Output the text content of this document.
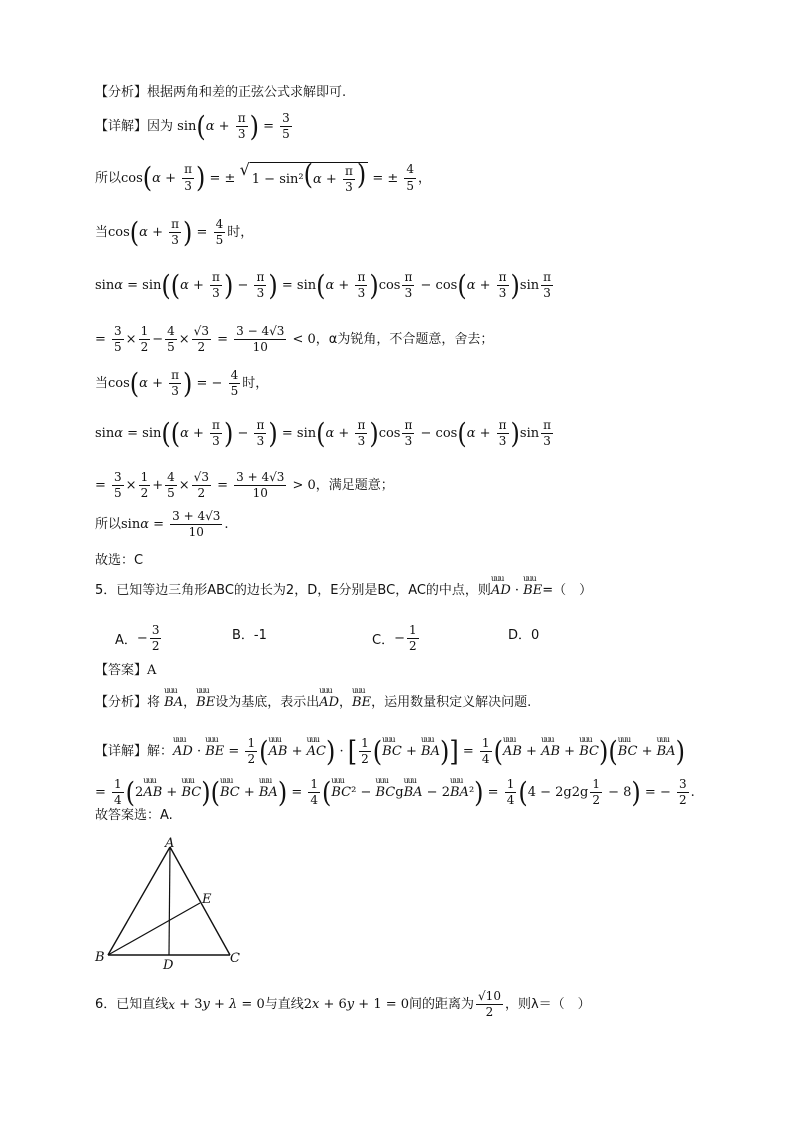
【分析】 根据两角和差的正弦公式求解即可.
【详解】 因为 sin ( $\alpha + \frac{\pi}{3}$ ) = $\frac{3}{5}$
所以 cos ( $\alpha + \frac{\pi}{3}$ ) = ± √
$1 - \sin^2(\alpha + \frac{\pi}{3}$ ) = ± $\frac{4}{5}$ ，
当 cos ( $\alpha + \frac{\pi}{3}$ ) = $\frac{4}{5}$ 时，
sinα = sin ( ( $\alpha + \frac{\pi}{3}$ ) − $\frac{\pi}{3}$ ) = sin ( $\alpha + \frac{\pi}{3}$ ) $\cos \frac{\pi}{3} - \cos$ ( $\alpha + \frac{\pi}{3}$ ) $\sin \frac{\pi}{3}$
= $\frac{3}{5} \times \frac{1}{2} - \frac{4}{5} \times \frac{√3}{2} = \frac{3 - 4√3}{10} < 0$ ，α为锐角，不合题意，舍去；
当 cos ( $\alpha + \frac{\pi}{3}$ ) = − $\frac{4}{5}$ 时，
sinα = sin ( ( $\alpha + \frac{\pi}{3}$ ) − $\frac{\pi}{3}$ ) = sin ( $\alpha + \frac{\pi}{3}$ ) $\cos \frac{\pi}{3} - \cos$ ( $\alpha + \frac{\pi}{3}$ ) $\sin \frac{\pi}{3}$
= $\frac{3}{5} \times \frac{1}{2} + \frac{4}{5} \times \frac{√3}{2} = \frac{3 + 4√3}{10} > 0$ ，满足题意；
所以 $\sin\alpha = \frac{3 + 4√3}{10}$ .
故选：C
5．已知等边三角形ABC的边长为2，D，E分别是BC，AC的中点，则 uuu AD · uuu BE =（　）
A． − $\frac{3}{2}$	B．-1	C． − $\frac{1}{2}$	D．0
【答案】 A
【分析】 将
uuu BA ， uuu BE 设为基底，表示出 uuu AD ， uuu BE ，运用数量积定义解决问题.
【详解】 解： uuu AD · uuu BE = $\frac{1}{2}$ ( uuu AB + uuu AC ) · [ $\frac{1}{2}$ ( uuu BC + uuu BA ) ] = $\frac{1}{4}$ ( uuu AB + uuu AB + uuu BC ) ( uuu BC + uuu BA )
= $\frac{1}{4}$ ( 2 uuu AB + uuu BC ) ( uuu BC + uuu BA ) = $\frac{1}{4}$ ( uuu BC ² − uuu BC g uuu BA − 2 uuu BA ² ) = $\frac{1}{4}$ ( $4 - 2g2g \frac{1}{2} - 8$ ) = − $\frac{3}{2}$ .
故答案选：A.
A
B	C
D
E
6．已知直线 x + 3 y + λ = 0 与直线 2 x + 6 y + 1 = 0 间的距离为 $\frac{√10}{2}$ ，则λ＝（　）
